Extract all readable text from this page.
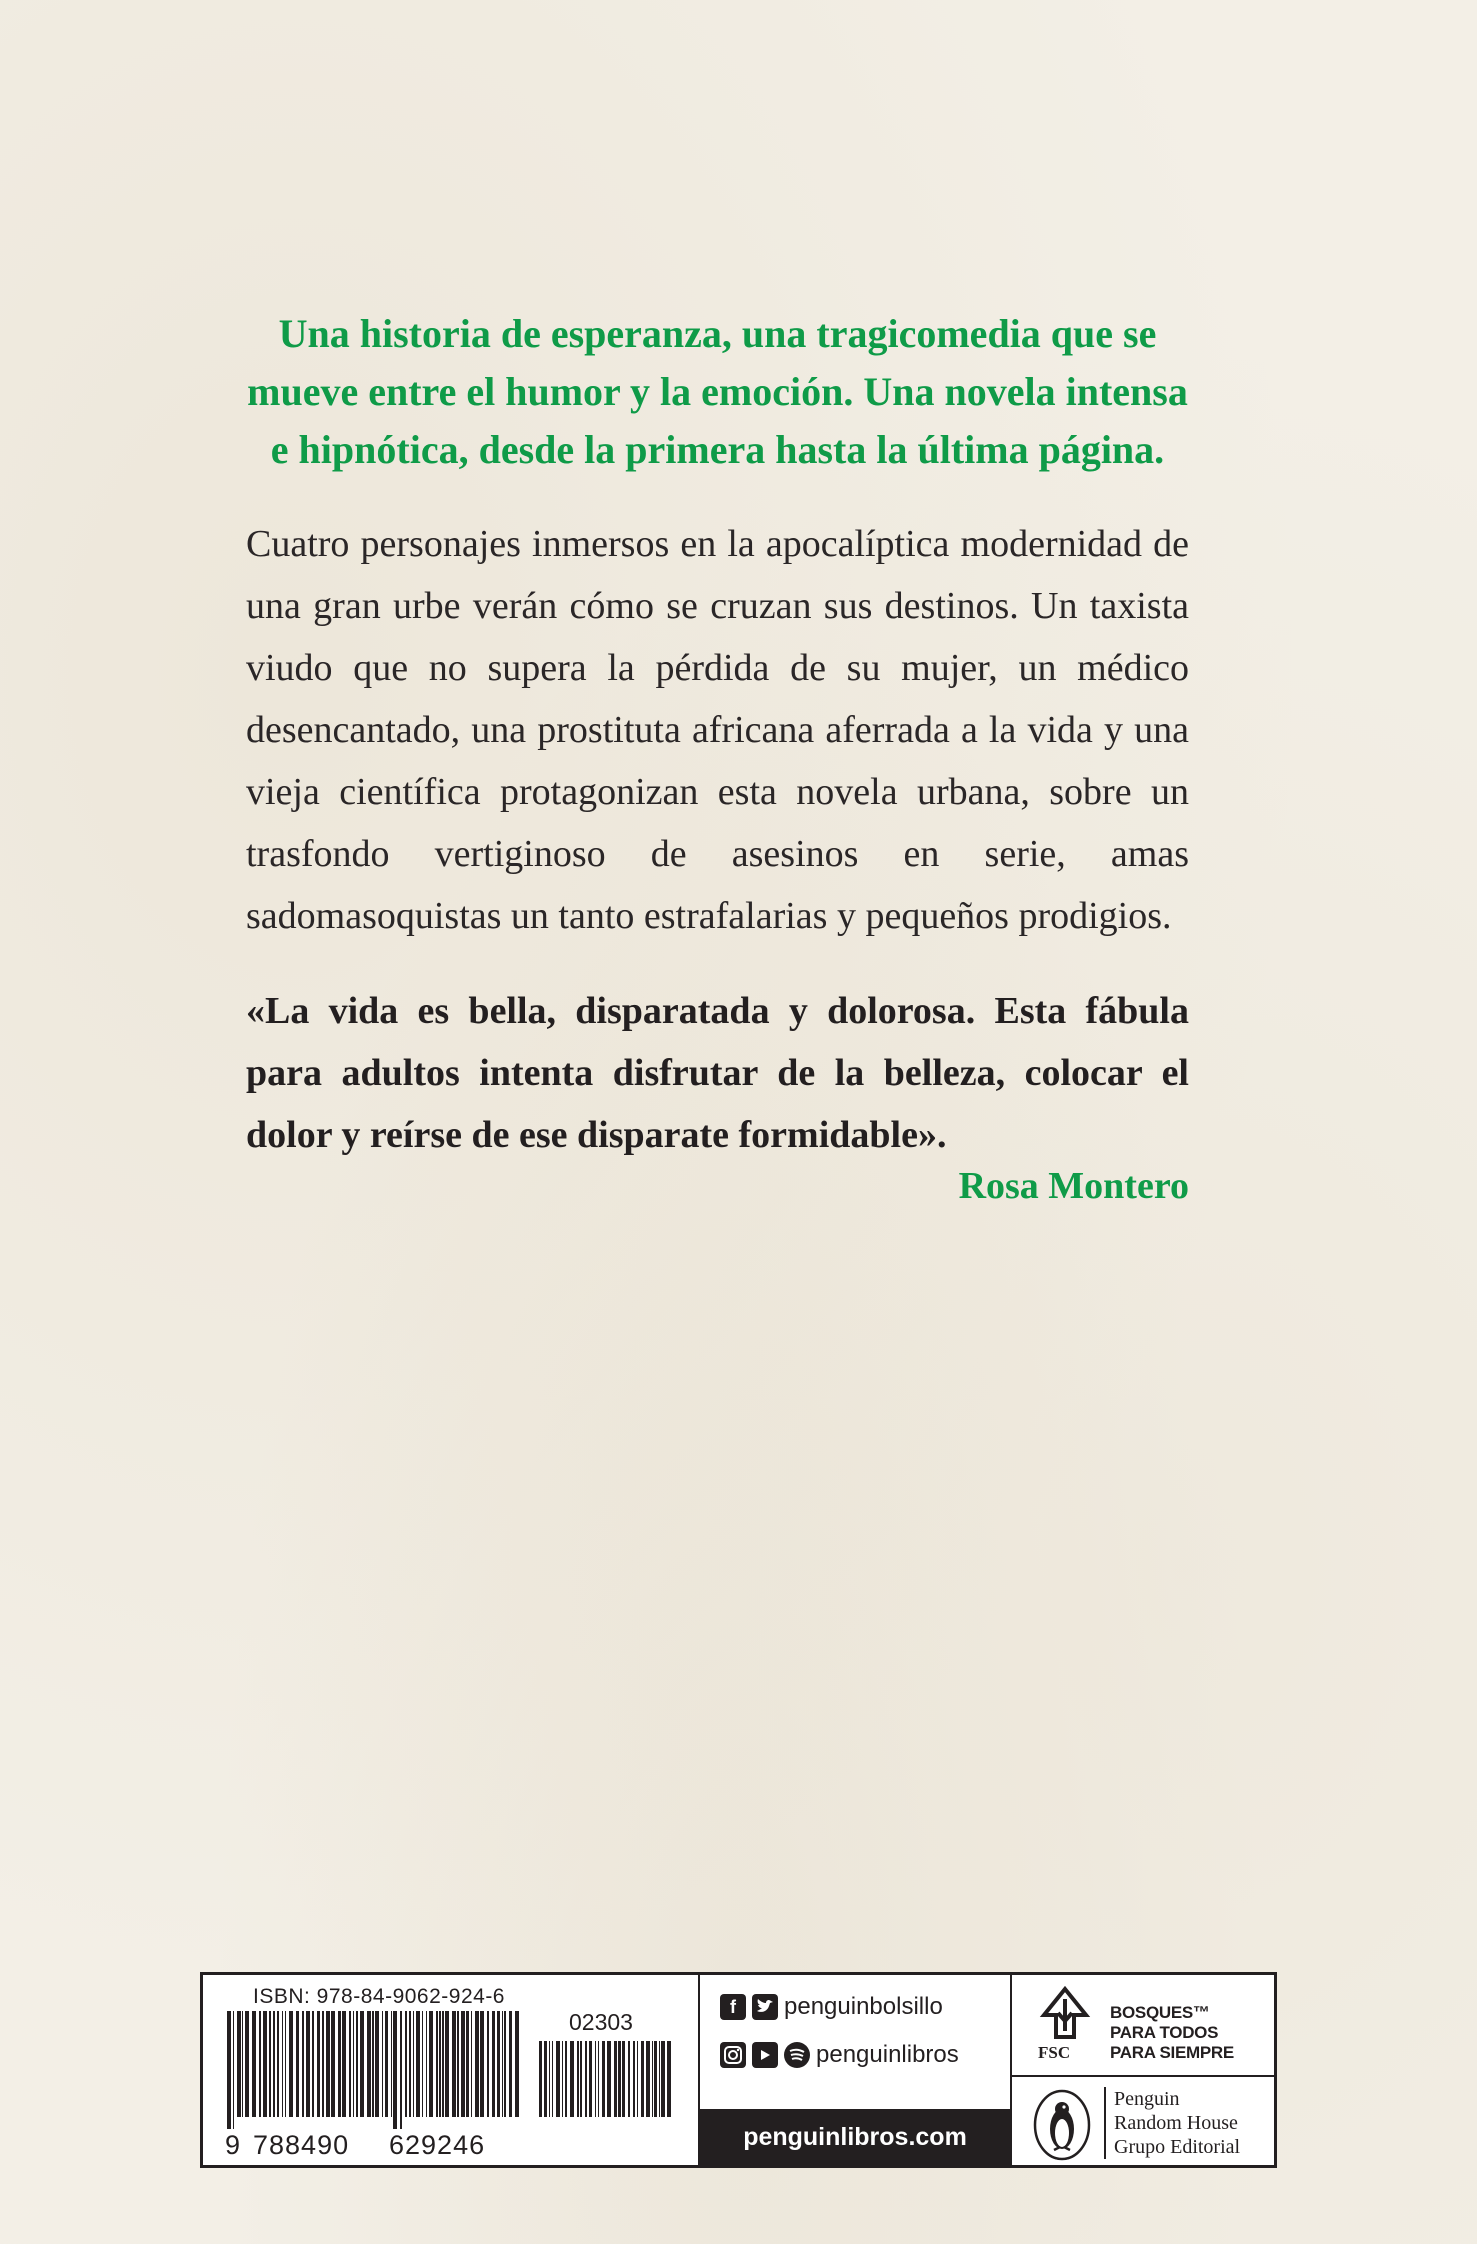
Una historia de esperanza, una tragicomedia que se mueve entre el humor y la emoción. Una novela intensa e hipnótica, desde la primera hasta la última página.

Cuatro personajes inmersos en la apocalíptica modernidad de una gran urbe verán cómo se cruzan sus destinos. Un taxista viudo que no supera la pérdida de su mujer, un médico desencantado, una prostituta africana aferrada a la vida y una vieja científica protagonizan esta novela urbana, sobre un trasfondo vertiginoso de asesinos en serie, amas sadomasoquistas un tanto estrafalarias y pequeños prodigios.

«La vida es bella, disparatada y dolorosa. Esta fábula para adultos intenta disfrutar de la belleza, colocar el dolor y reírse de ese disparate formidable».

Rosa Montero

ISBN: 978-84-9062-924-6
02303
9 788490 629246
f	penguinbolsillo
penguinlibros
penguinlibros.com
FSC
BOSQUES™
PARA TODOS
PARA SIEMPRE
Penguin
Random House
Grupo Editorial
